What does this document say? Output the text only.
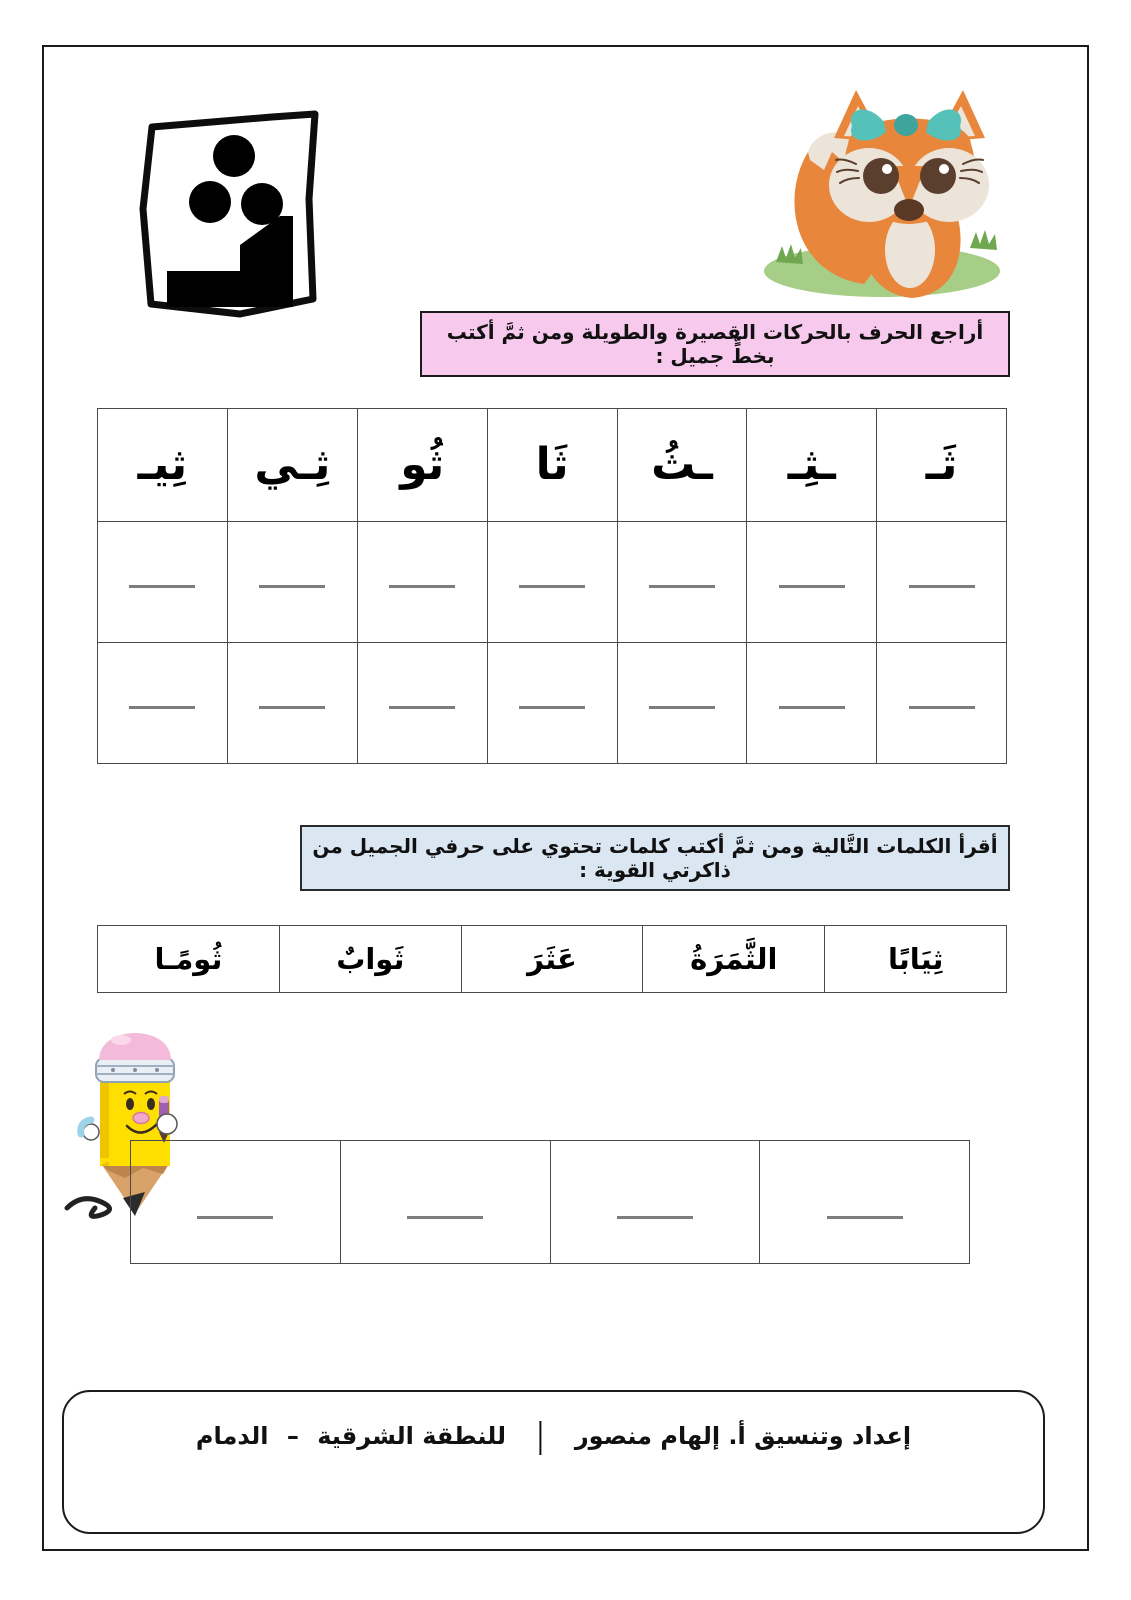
أراجع الحرف بالحركات القصيرة والطويلة ومن ثمَّ أكتب بخطٍّ جميل :
ثَـ	ـثِـ	ـثُ	ثَا	ثُو	ثِـي	ثِيـ

أقرأ الكلمات التَّالية ومن ثمَّ أكتب كلمات تحتوي على حرفي الجميل من ذاكرتي القوية :
ثِيَابًا	الثَّمَرَةُ	عَثَرَ	ثَوابٌ	ثُومًـا

إعداد وتنسيق أ. إلهام منصور | للنطقة الشرقية – الدمام
